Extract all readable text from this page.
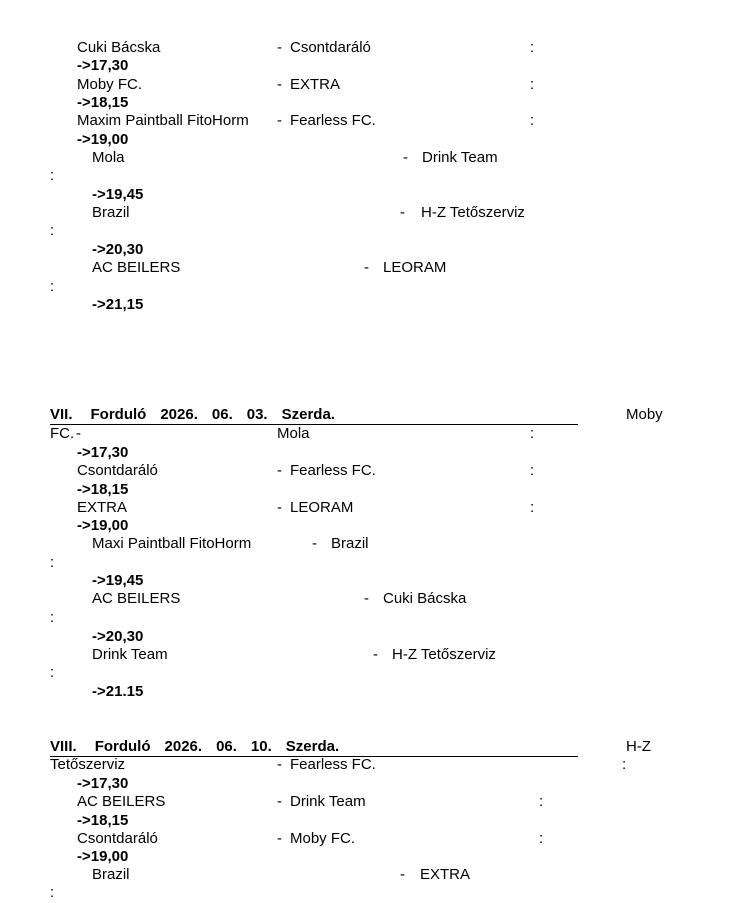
Cuki Bácska	- Csontdaráló	:
->17,30
Moby FC.	- EXTRA	:
->18,15
Maxim Paintball FitoHorm - Fearless FC.	:
->19,00
Mola	- Drink Team
:
->19,45
Brazil	- H-Z Tetőszerviz
:
->20,30
AC BEILERS	- LEORAM
:
->21,15
VII. Forduló 2026. 06. 03. Szerda.	Moby
FC. -	Mola	:
->17,30
Csontdaráló	- Fearless FC.	:
->18,15
EXTRA	- LEORAM	:
->19,00
Maxi Paintball FitoHorm	- Brazil
:
->19,45
AC BEILERS	- Cuki Bácska
:
->20,30
Drink Team	- H-Z Tetőszerviz
:
->21.15
VIII. Forduló 2026. 06. 10. Szerda.	H-Z
Tetőszerviz	- Fearless FC.	:
->17,30
AC BEILERS	- Drink Team	:
->18,15
Csontdaráló	- Moby FC.	:
->19,00
Brazil	- EXTRA
:
